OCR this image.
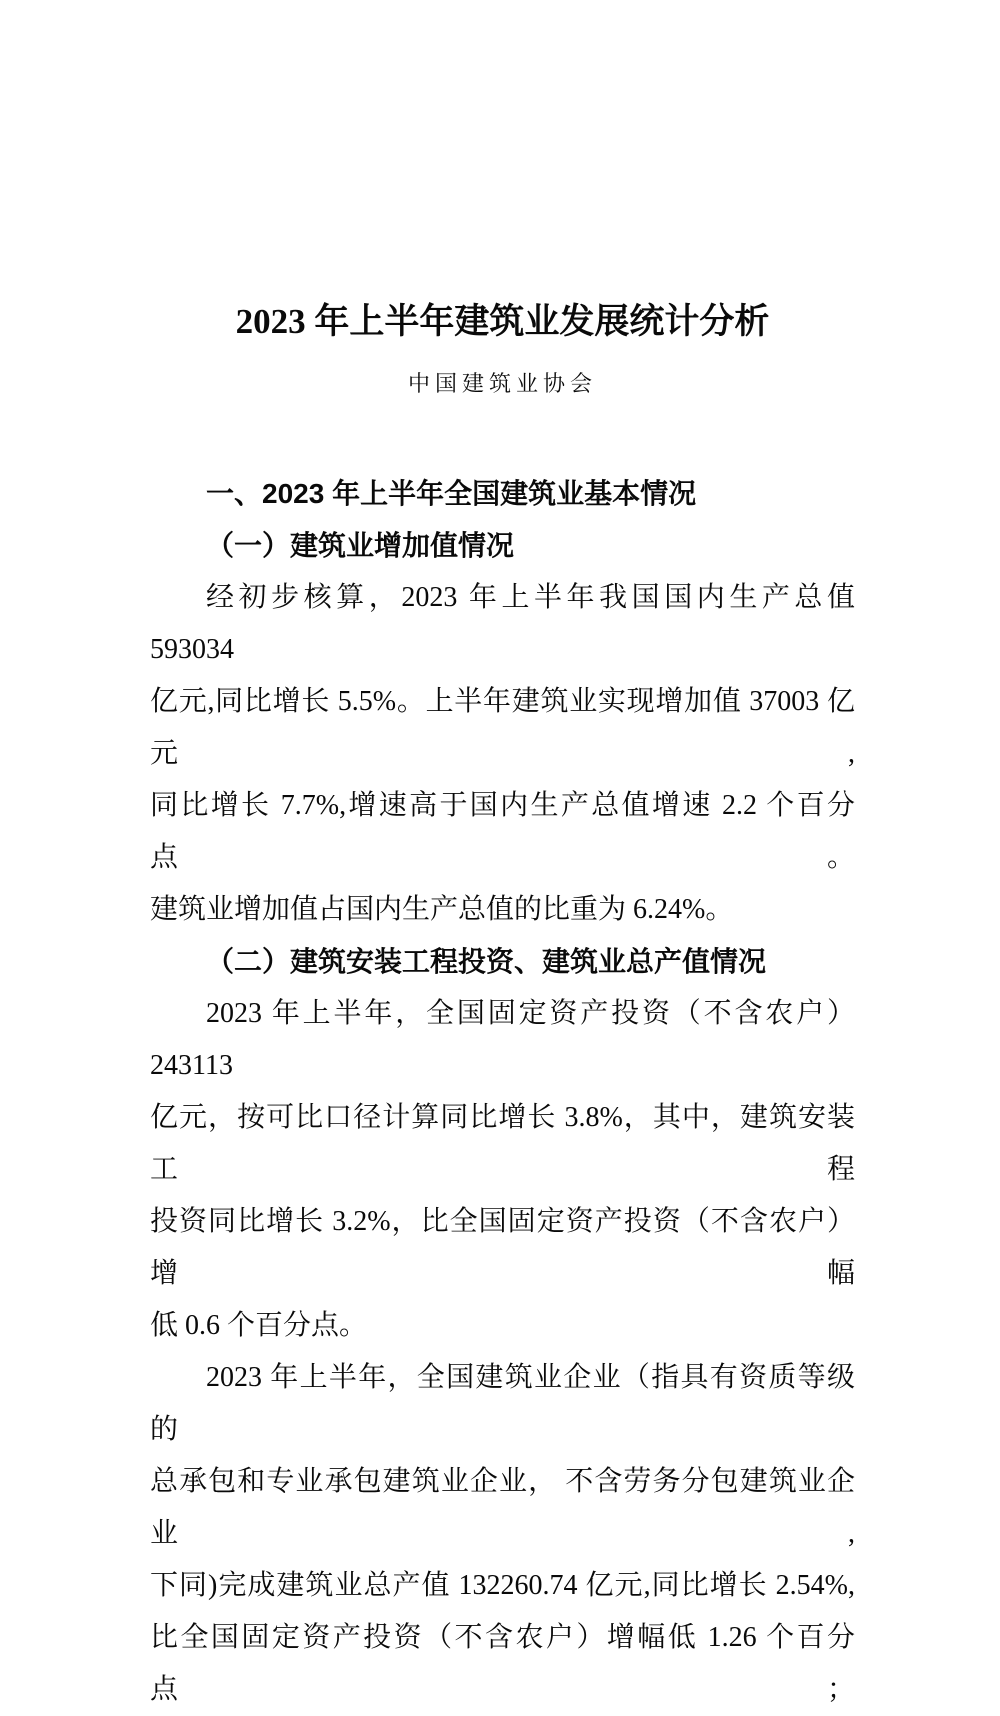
2023 年上半年建筑业发展统计分析
中国建筑业协会
一、2023 年上半年全国建筑业基本情况
（一）建筑业增加值情况
经初步核算，2023 年上半年我国国内生产总值 593034
亿元,同比增长 5.5%。上半年建筑业实现增加值 37003 亿元,
同比增长 7.7%,增速高于国内生产总值增速 2.2 个百分点。
建筑业增加值占国内生产总值的比重为 6.24%。
（二）建筑安装工程投资、建筑业总产值情况
2023 年上半年，全国固定资产投资（不含农户）243113
亿元，按可比口径计算同比增长 3.8%，其中，建筑安装工程
投资同比增长 3.2%，比全国固定资产投资（不含农户）增幅
低 0.6 个百分点。
2023 年上半年，全国建筑业企业（指具有资质等级的
总承包和专业承包建筑业企业， 不含劳务分包建筑业企业,
下同)完成建筑业总产值 132260.74 亿元,同比增长 2.54%,
比全国固定资产投资（不含农户）增幅低 1.26 个百分点；
